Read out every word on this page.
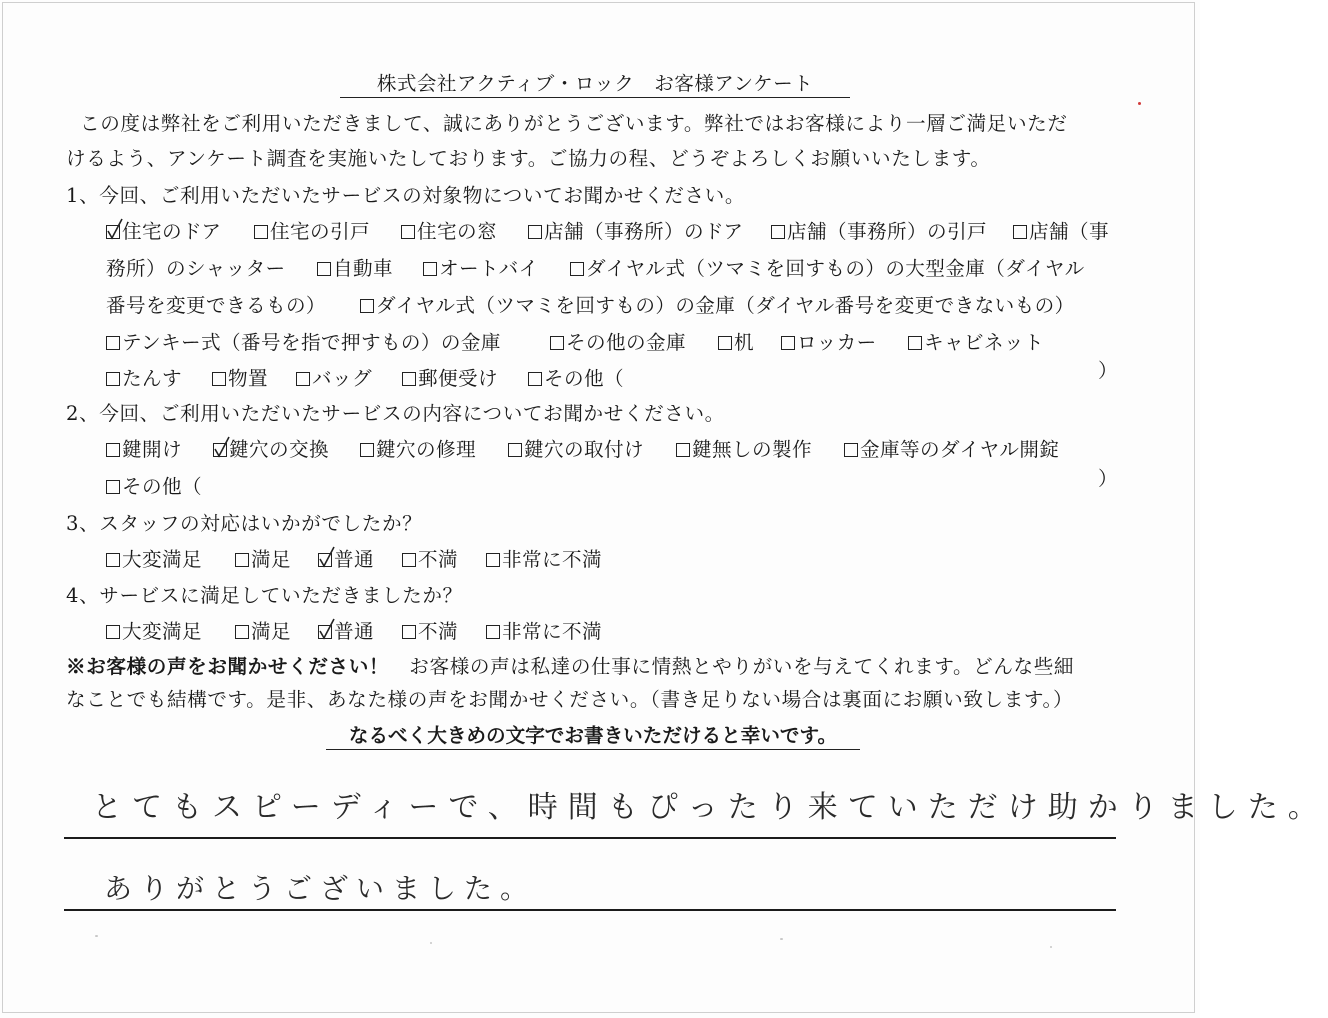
株式会社アクティブ・ロック　お客様アンケート
この度は弊社をご利用いただきまして、誠にありがとうございます。弊社ではお客様により一層ご満足いただ
けるよう、アンケート調査を実施いたしております。ご協力の程、どうぞよろしくお願いいたします。
1、今回、ご利用いただいたサービスの対象物についてお聞かせください。
住宅のドア	住宅の引戸	住宅の窓	店舗（事務所）のドア	店舗（事務所）の引戸	店舗（事
務所）のシャッター	自動車	オートバイ	ダイヤル式（ツマミを回すもの）の大型金庫（ダイヤル
番号を変更できるもの）	ダイヤル式（ツマミを回すもの）の金庫（ダイヤル番号を変更できないもの）
テンキー式（番号を指で押すもの）の金庫	その他の金庫	机	ロッカー	キャビネット
たんす	物置	バッグ	郵便受け	その他（	）
2、今回、ご利用いただいたサービスの内容についてお聞かせください。
鍵開け	鍵穴の交換	鍵穴の修理	鍵穴の取付け	鍵無しの製作	金庫等のダイヤル開錠
その他（	）
3、スタッフの対応はいかがでしたか？
大変満足	満足	普通	不満	非常に不満
4、サービスに満足していただきましたか？
大変満足	満足	普通	不満	非常に不満
※お客様の声をお聞かせください！　お客様の声は私達の仕事に情熱とやりがいを与えてくれます。どんな些細
なことでも結構です。是非、あなた様の声をお聞かせください。（書き足りない場合は裏面にお願い致します。）
なるべく大きめの文字でお書きいただけると幸いです。
とてもスピーディーで、時間もぴったり来ていただけ助かりました。
ありがとうございました。
